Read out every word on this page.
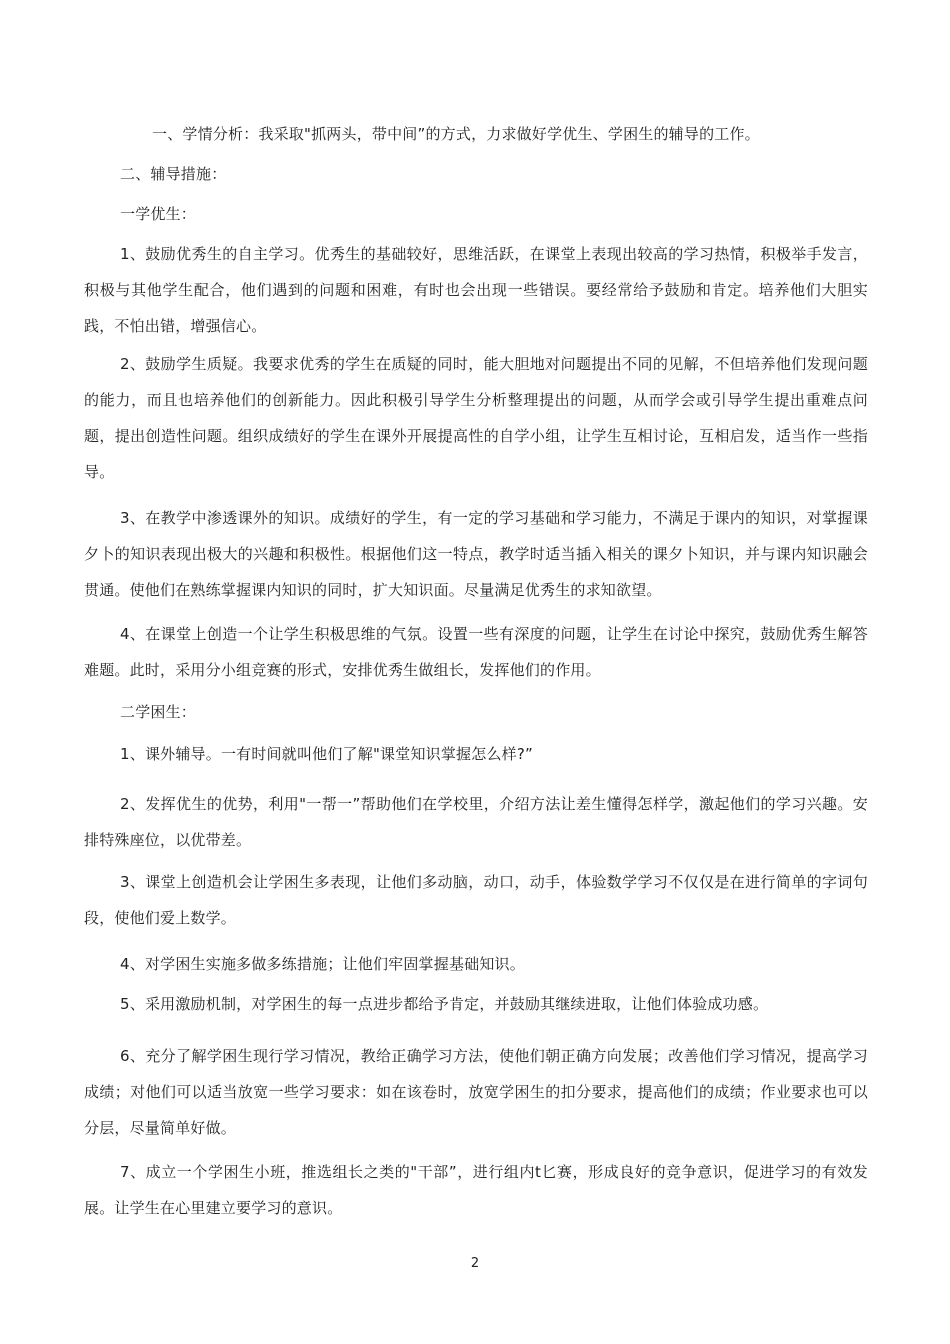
一、学情分析：我采取"抓两头，带中间”的方式，力求做好学优生、学困生的辅导的工作。

二、辅导措施：

一学优生：

1、鼓励优秀生的自主学习。优秀生的基础较好，思维活跃，在课堂上表现出较高的学习热情，积极举手发言，积极与其他学生配合，他们遇到的问题和困难，有时也会出现一些错误。要经常给予鼓励和肯定。培养他们大胆实践，不怕出错，增强信心。

2、鼓励学生质疑。我要求优秀的学生在质疑的同时，能大胆地对问题提出不同的见解，不但培养他们发现问题的能力，而且也培养他们的创新能力。因此积极引导学生分析整理提出的问题，从而学会或引导学生提出重难点问题，提出创造性问题。组织成绩好的学生在课外开展提高性的自学小组，让学生互相讨论，互相启发，适当作一些指导。

3、在教学中渗透课外的知识。成绩好的学生，有一定的学习基础和学习能力，不满足于课内的知识，对掌握课夕卜的知识表现出极大的兴趣和积极性。根据他们这一特点，教学时适当插入相关的课夕卜知识，并与课内知识融会贯通。使他们在熟练掌握课内知识的同时，扩大知识面。尽量满足优秀生的求知欲望。

4、在课堂上创造一个让学生积极思维的气氛。设置一些有深度的问题，让学生在讨论中探究，鼓励优秀生解答难题。此时，采用分小组竞赛的形式，安排优秀生做组长，发挥他们的作用。

二学困生：

1、课外辅导。一有时间就叫他们了解"课堂知识掌握怎么样?”

2、发挥优生的优势，利用"一帮一”帮助他们在学校里，介绍方法让差生懂得怎样学，激起他们的学习兴趣。安排特殊座位，以优带差。

3、课堂上创造机会让学困生多表现，让他们多动脑，动口，动手，体验数学学习不仅仅是在进行简单的字词句段，使他们爱上数学。

4、对学困生实施多做多练措施；让他们牢固掌握基础知识。

5、采用激励机制，对学困生的每一点进步都给予肯定，并鼓励其继续进取，让他们体验成功感。

6、充分了解学困生现行学习情况，教给正确学习方法，使他们朝正确方向发展；改善他们学习情况，提高学习成绩；对他们可以适当放宽一些学习要求：如在该卷时，放宽学困生的扣分要求，提高他们的成绩；作业要求也可以分层，尽量简单好做。

7、成立一个学困生小班，推选组长之类的"干部”，进行组内t匕赛，形成良好的竞争意识，促进学习的有效发展。让学生在心里建立要学习的意识。

2
